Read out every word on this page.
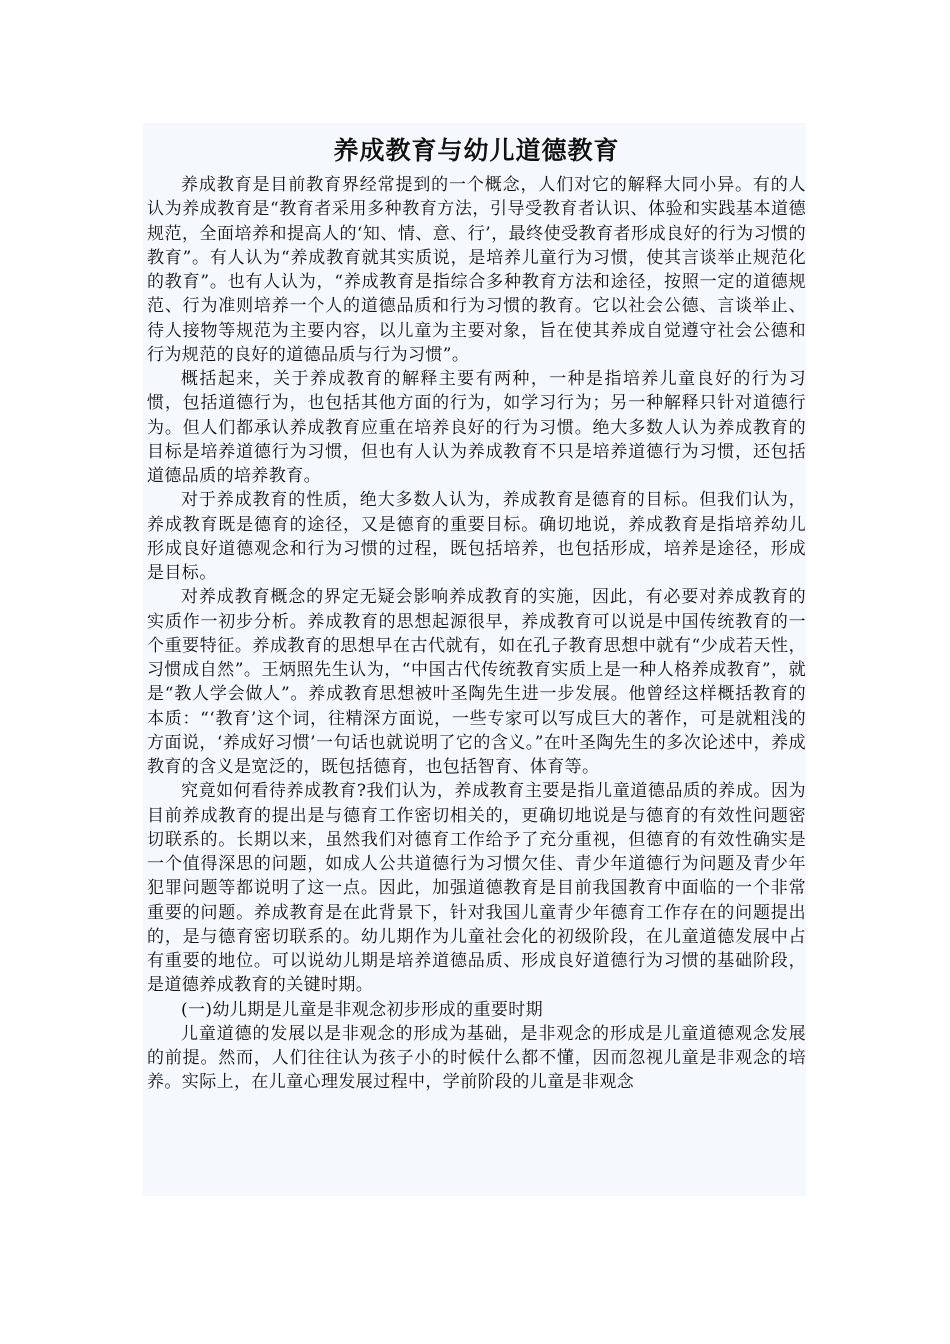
养成教育与幼儿道德教育

养成教育是目前教育界经常提到的一个概念，人们对它的解释大同小异。有的人认为养成教育是“教育者采用多种教育方法，引导受教育者认识、体验和实践基本道德规范，全面培养和提高人的‘知、情、意、行’，最终使受教育者形成良好的行为习惯的教育”。有人认为“养成教育就其实质说，是培养儿童行为习惯，使其言谈举止规范化的教育”。也有人认为，“养成教育是指综合多种教育方法和途径，按照一定的道德规范、行为准则培养一个人的道德品质和行为习惯的教育。它以社会公德、言谈举止、待人接物等规范为主要内容，以儿童为主要对象，旨在使其养成自觉遵守社会公德和行为规范的良好的道德品质与行为习惯”。

概括起来，关于养成教育的解释主要有两种，一种是指培养儿童良好的行为习惯，包括道德行为，也包括其他方面的行为，如学习行为；另一种解释只针对道德行为。但人们都承认养成教育应重在培养良好的行为习惯。绝大多数人认为养成教育的目标是培养道德行为习惯，但也有人认为养成教育不只是培养道德行为习惯，还包括道德品质的培养教育。

对于养成教育的性质，绝大多数人认为，养成教育是德育的目标。但我们认为，养成教育既是德育的途径，又是德育的重要目标。确切地说，养成教育是指培养幼儿形成良好道德观念和行为习惯的过程，既包括培养，也包括形成，培养是途径，形成是目标。

对养成教育概念的界定无疑会影响养成教育的实施，因此，有必要对养成教育的实质作一初步分析。养成教育的思想起源很早，养成教育可以说是中国传统教育的一个重要特征。养成教育的思想早在古代就有，如在孔子教育思想中就有“少成若天性，习惯成自然”。王炳照先生认为，“中国古代传统教育实质上是一种人格养成教育”，就是“教人学会做人”。养成教育思想被叶圣陶先生进一步发展。他曾经这样概括教育的本质：“‘教育’这个词，往精深方面说，一些专家可以写成巨大的著作，可是就粗浅的方面说，‘养成好习惯’一句话也就说明了它的含义。”在叶圣陶先生的多次论述中，养成教育的含义是宽泛的，既包括德育，也包括智育、体育等。

究竟如何看待养成教育?我们认为，养成教育主要是指儿童道德品质的养成。因为目前养成教育的提出是与德育工作密切相关的，更确切地说是与德育的有效性问题密切联系的。长期以来，虽然我们对德育工作给予了充分重视，但德育的有效性确实是一个值得深思的问题，如成人公共道德行为习惯欠佳、青少年道德行为问题及青少年犯罪问题等都说明了这一点。因此，加强道德教育是目前我国教育中面临的一个非常重要的问题。养成教育是在此背景下，针对我国儿童青少年德育工作存在的问题提出的，是与德育密切联系的。幼儿期作为儿童社会化的初级阶段，在儿童道德发展中占有重要的地位。可以说幼儿期是培养道德品质、形成良好道德行为习惯的基础阶段，是道德养成教育的关键时期。

(一)幼儿期是儿童是非观念初步形成的重要时期

儿童道德的发展以是非观念的形成为基础，是非观念的形成是儿童道德观念发展的前提。然而，人们往往认为孩子小的时候什么都不懂，因而忽视儿童是非观念的培养。实际上，在儿童心理发展过程中，学前阶段的儿童是非观念
